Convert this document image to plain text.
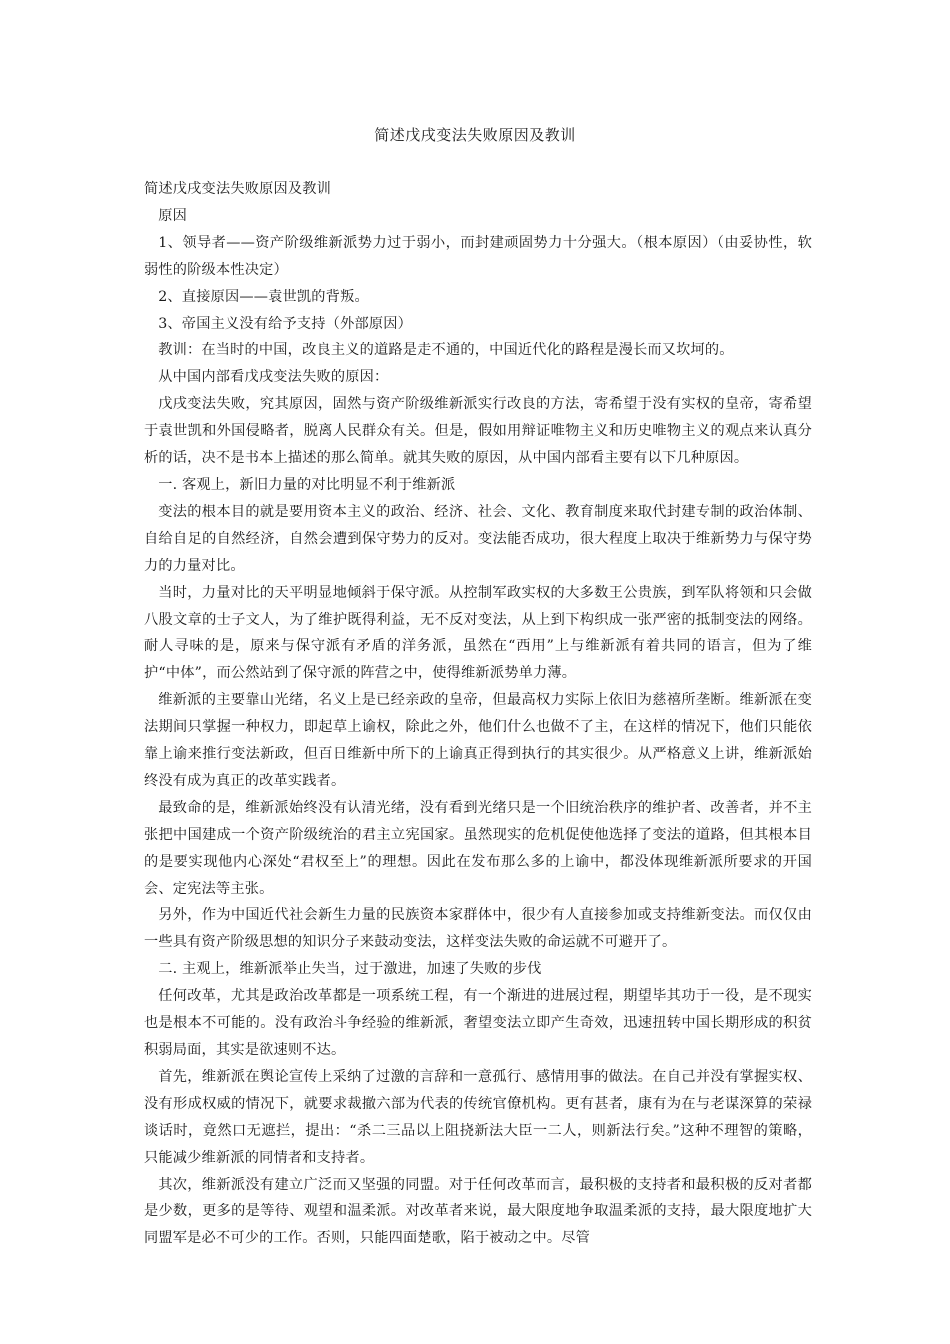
简述戊戌变法失败原因及教训

简述戊戌变法失败原因及教训

原因

1、领导者——资产阶级维新派势力过于弱小，而封建顽固势力十分强大。（根本原因）（由妥协性，软弱性的阶级本性决定）

2、直接原因——袁世凯的背叛。

3、帝国主义没有给予支持（外部原因）

教训：在当时的中国，改良主义的道路是走不通的，中国近代化的路程是漫长而又坎坷的。

从中国内部看戊戌变法失败的原因：

戊戌变法失败，究其原因，固然与资产阶级维新派实行改良的方法，寄希望于没有实权的皇帝，寄希望于袁世凯和外国侵略者，脱离人民群众有关。但是，假如用辩证唯物主义和历史唯物主义的观点来认真分析的话，决不是书本上描述的那么简单。就其失败的原因，从中国内部看主要有以下几种原因。

一. 客观上，新旧力量的对比明显不利于维新派

变法的根本目的就是要用资本主义的政治、经济、社会、文化、教育制度来取代封建专制的政治体制、自给自足的自然经济，自然会遭到保守势力的反对。变法能否成功，很大程度上取决于维新势力与保守势力的力量对比。

当时，力量对比的天平明显地倾斜于保守派。从控制军政实权的大多数王公贵族，到军队将领和只会做八股文章的士子文人，为了维护既得利益，无不反对变法，从上到下构织成一张严密的抵制变法的网络。耐人寻味的是，原来与保守派有矛盾的洋务派，虽然在“西用”上与维新派有着共同的语言，但为了维护“中体”，而公然站到了保守派的阵营之中，使得维新派势单力薄。

维新派的主要靠山光绪，名义上是已经亲政的皇帝，但最高权力实际上依旧为慈禧所垄断。维新派在变法期间只掌握一种权力，即起草上谕权，除此之外，他们什么也做不了主，在这样的情况下，他们只能依靠上谕来推行变法新政，但百日维新中所下的上谕真正得到执行的其实很少。从严格意义上讲，维新派始终没有成为真正的改革实践者。

最致命的是，维新派始终没有认清光绪，没有看到光绪只是一个旧统治秩序的维护者、改善者，并不主张把中国建成一个资产阶级统治的君主立宪国家。虽然现实的危机促使他选择了变法的道路，但其根本目的是要实现他内心深处“君权至上”的理想。因此在发布那么多的上谕中，都没体现维新派所要求的开国会、定宪法等主张。

另外，作为中国近代社会新生力量的民族资本家群体中，很少有人直接参加或支持维新变法。而仅仅由一些具有资产阶级思想的知识分子来鼓动变法，这样变法失败的命运就不可避开了。

二. 主观上，维新派举止失当，过于激进，加速了失败的步伐

任何改革，尤其是政治改革都是一项系统工程，有一个渐进的进展过程，期望毕其功于一役，是不现实也是根本不可能的。没有政治斗争经验的维新派，奢望变法立即产生奇效，迅速扭转中国长期形成的积贫积弱局面，其实是欲速则不达。

首先，维新派在舆论宣传上采纳了过激的言辞和一意孤行、感情用事的做法。在自己并没有掌握实权、没有形成权威的情况下，就要求裁撤六部为代表的传统官僚机构。更有甚者，康有为在与老谋深算的荣禄谈话时，竟然口无遮拦，提出：“杀二三品以上阻挠新法大臣一二人，则新法行矣。”这种不理智的策略，只能减少维新派的同情者和支持者。

其次，维新派没有建立广泛而又坚强的同盟。对于任何改革而言，最积极的支持者和最积极的反对者都是少数，更多的是等待、观望和温柔派。对改革者来说，最大限度地争取温柔派的支持，最大限度地扩大同盟军是必不可少的工作。否则，只能四面楚歌，陷于被动之中。尽管
